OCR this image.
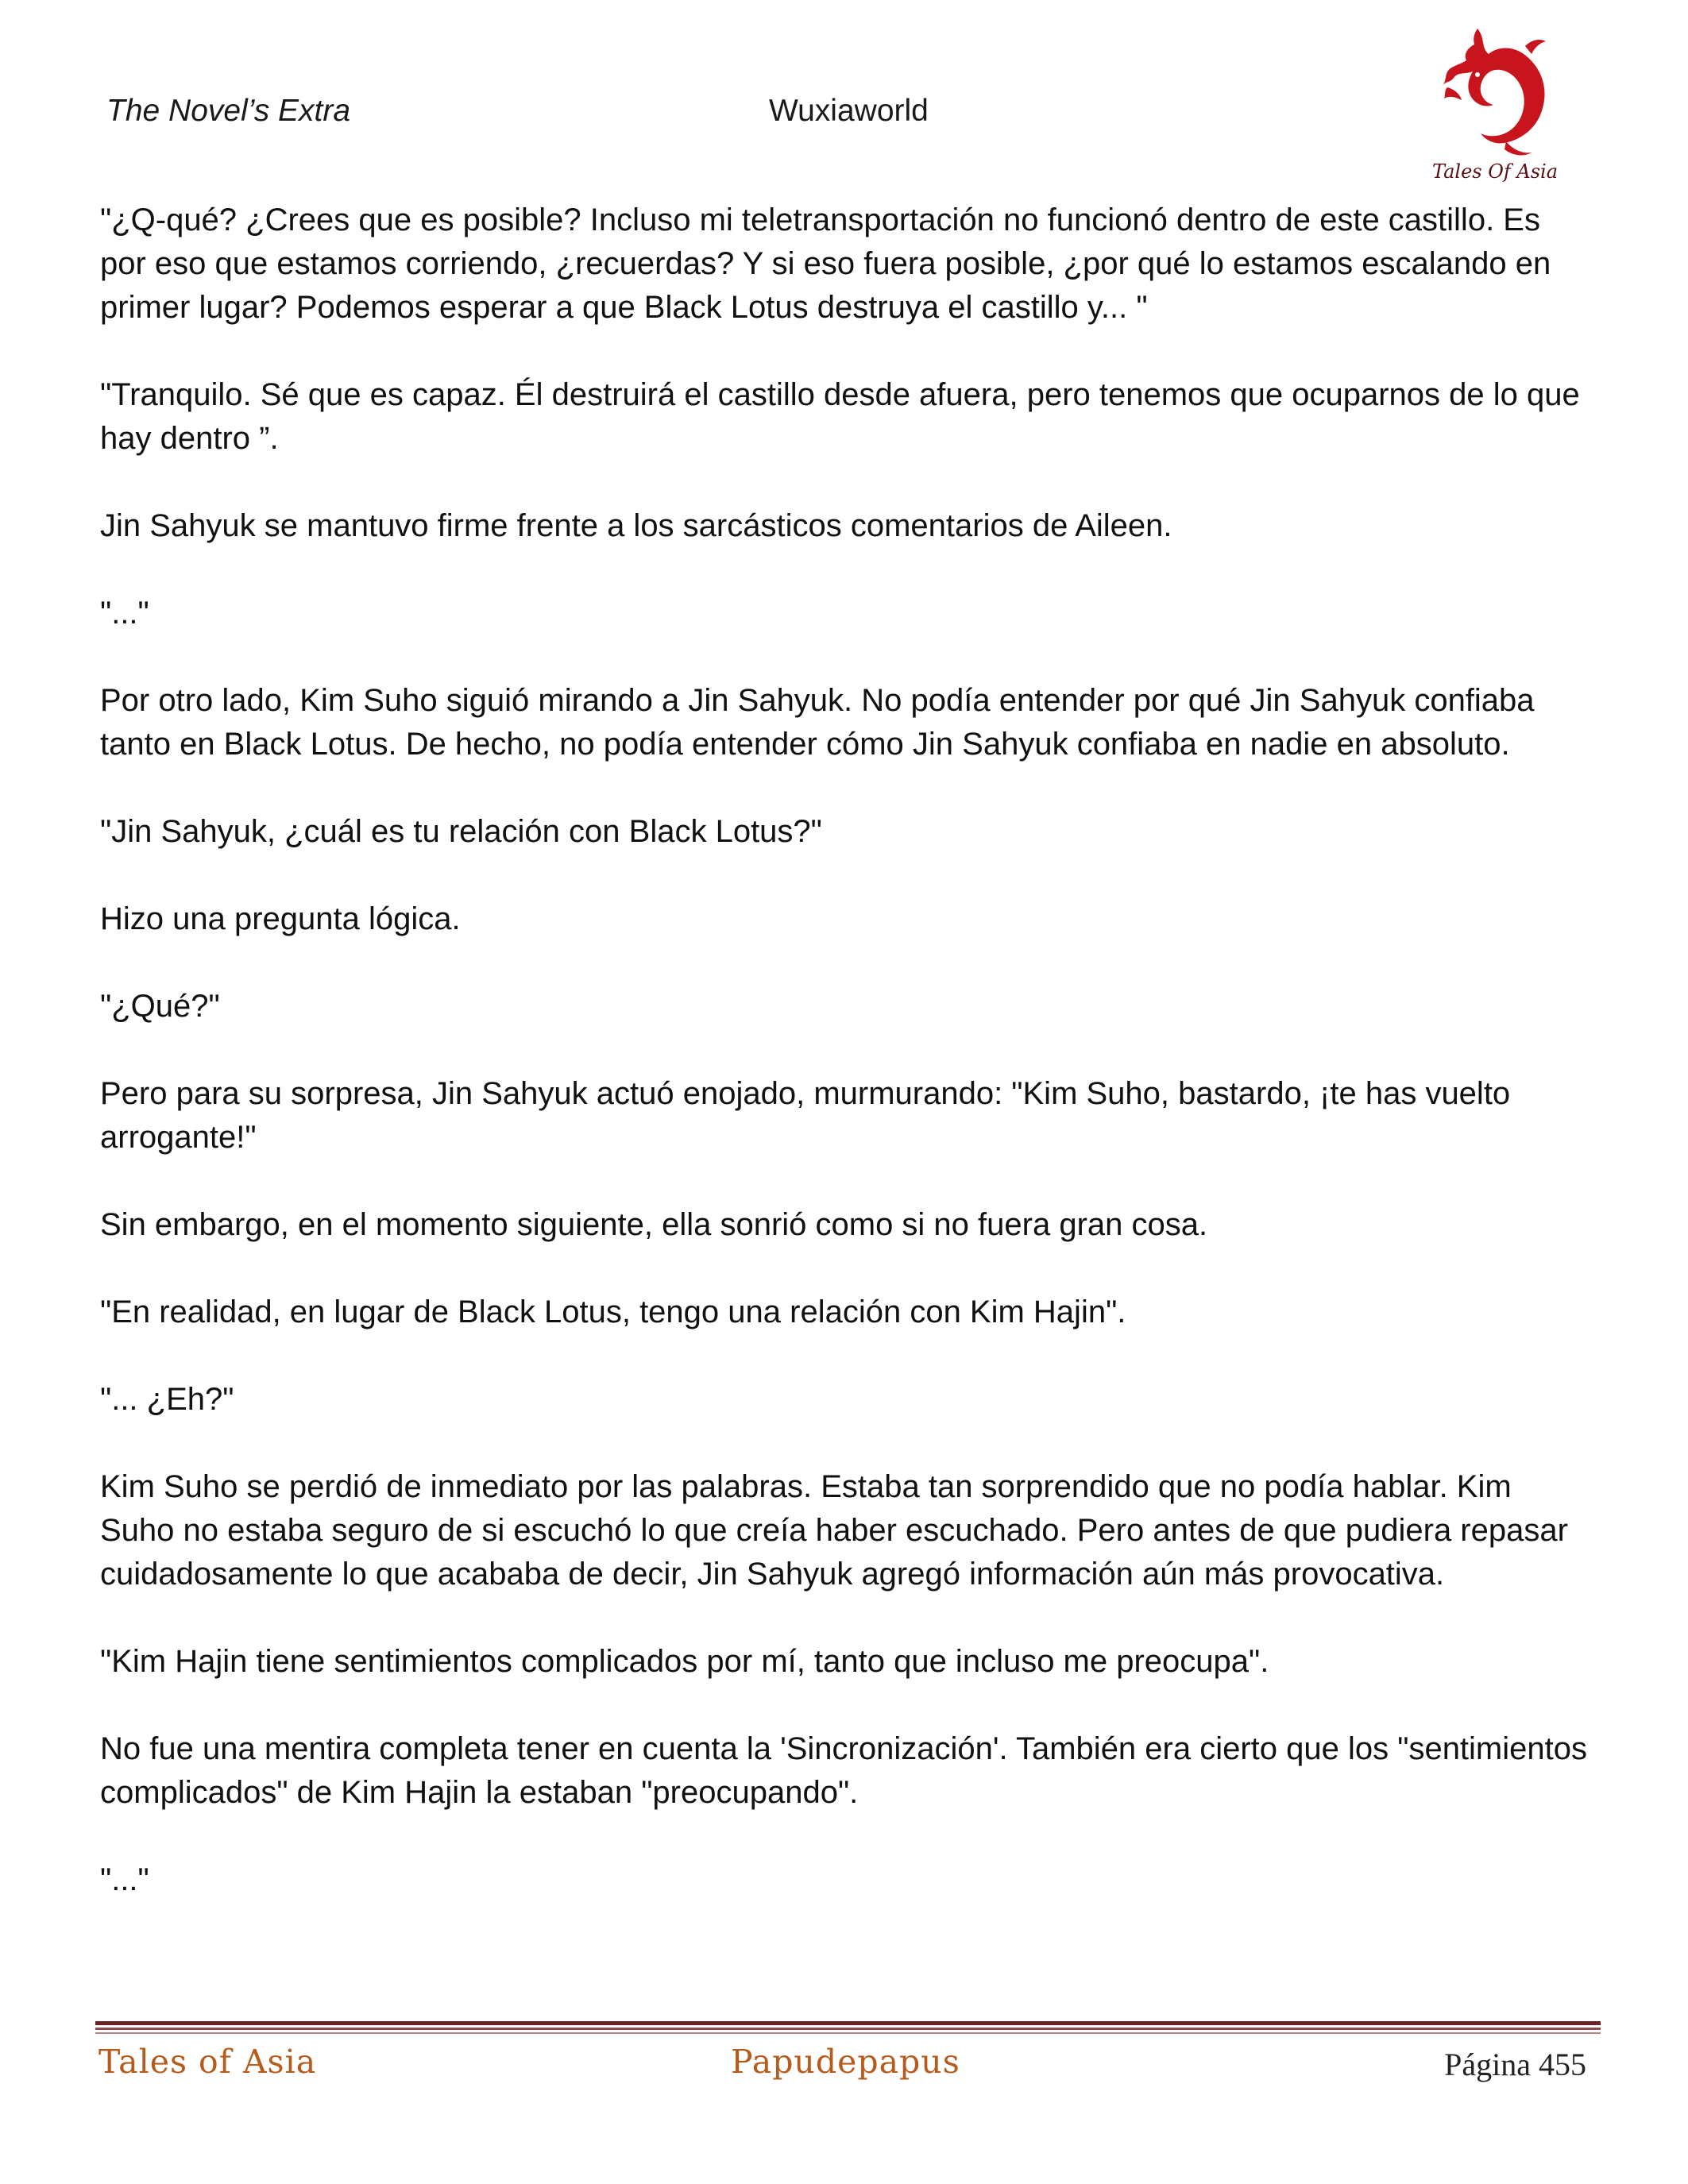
The Novel’s Extra	Wuxiaworld
Tales Of Asia

"¿Q-qué? ¿Crees que es posible? Incluso mi teletransportación no funcionó dentro de este castillo. Es por eso que estamos corriendo, ¿recuerdas? Y si eso fuera posible, ¿por qué lo estamos escalando en primer lugar? Podemos esperar a que Black Lotus destruya el castillo y... "

"Tranquilo. Sé que es capaz. Él destruirá el castillo desde afuera, pero tenemos que ocuparnos de lo que hay dentro ”.

Jin Sahyuk se mantuvo firme frente a los sarcásticos comentarios de Aileen.

"..."

Por otro lado, Kim Suho siguió mirando a Jin Sahyuk. No podía entender por qué Jin Sahyuk confiaba tanto en Black Lotus. De hecho, no podía entender cómo Jin Sahyuk confiaba en nadie en absoluto.

"Jin Sahyuk, ¿cuál es tu relación con Black Lotus?"

Hizo una pregunta lógica.

"¿Qué?"

Pero para su sorpresa, Jin Sahyuk actuó enojado, murmurando: "Kim Suho, bastardo, ¡te has vuelto arrogante!"

Sin embargo, en el momento siguiente, ella sonrió como si no fuera gran cosa.

"En realidad, en lugar de Black Lotus, tengo una relación con Kim Hajin".

"... ¿Eh?"

Kim Suho se perdió de inmediato por las palabras. Estaba tan sorprendido que no podía hablar. Kim Suho no estaba seguro de si escuchó lo que creía haber escuchado. Pero antes de que pudiera repasar cuidadosamente lo que acababa de decir, Jin Sahyuk agregó información aún más provocativa.

"Kim Hajin tiene sentimientos complicados por mí, tanto que incluso me preocupa".

No fue una mentira completa tener en cuenta la 'Sincronización'. También era cierto que los "sentimientos complicados" de Kim Hajin la estaban "preocupando".

"..."

Tales of Asia	Papudepapus	Página 455
